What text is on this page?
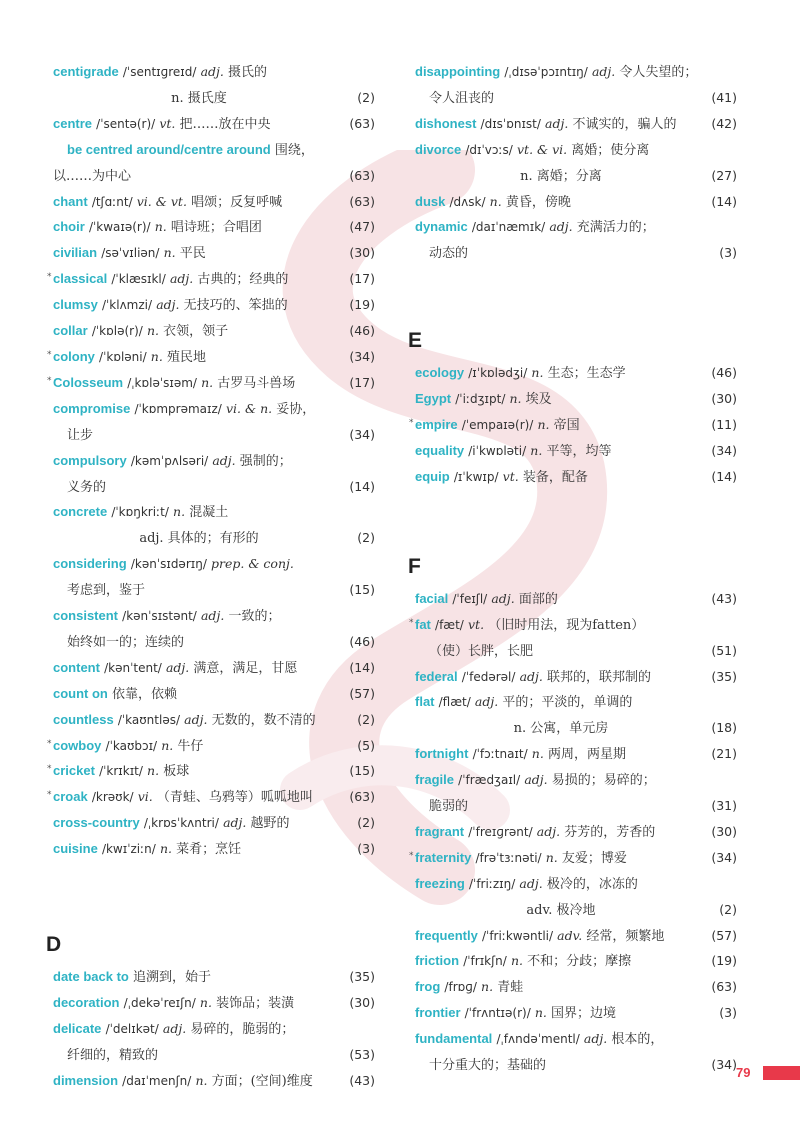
centigrade /ˈsentɪɡreɪd/ adj. 摄氏的
n. 摄氏度	(2)
centre /ˈsentə(r)/ vt. 把……放在中央	(63)
be centred around/centre around 围绕，
以……为中心	(63)
chant /tʃɑːnt/ vi. & vt. 唱颂；反复呼喊	(63)
choir /ˈkwaɪə(r)/ n. 唱诗班；合唱团	(47)
civilian /səˈvɪliən/ n. 平民	(30)
* classical /ˈklæsɪkl/ adj. 古典的；经典的	(17)
clumsy /ˈklʌmzi/ adj. 无技巧的、笨拙的	(19)
collar /ˈkɒlə(r)/ n. 衣领，领子	(46)
* colony /ˈkɒləni/ n. 殖民地	(34)
* Colosseum /ˌkɒləˈsɪəm/ n. 古罗马斗兽场	(17)
compromise /ˈkɒmprəmaɪz/ vi. & n. 妥协，
让步	(34)
compulsory /kəmˈpʌlsəri/ adj. 强制的；
义务的	(14)
concrete /ˈkɒŋkriːt/ n. 混凝土
adj. 具体的；有形的	(2)
considering /kənˈsɪdərɪŋ/ prep. & conj.
考虑到，鉴于	(15)
consistent /kənˈsɪstənt/ adj. 一致的；
始终如一的；连续的	(46)
content /kənˈtent/ adj. 满意，满足，甘愿	(14)
count on 依靠，依赖	(57)
countless /ˈkaʊntləs/ adj. 无数的，数不清的	(2)
* cowboy /ˈkaʊbɔɪ/ n. 牛仔	(5)
* cricket /ˈkrɪkɪt/ n. 板球	(15)
* croak /krəʊk/ vi. （青蛙、乌鸦等）呱呱地叫	(63)
cross-country /ˌkrɒsˈkʌntri/ adj. 越野的	(2)
cuisine /kwɪˈziːn/ n. 菜肴；烹饪	(3)
D
date back to 追溯到，始于	(35)
decoration /ˌdekəˈreɪʃn/ n. 装饰品；装潢	(30)
delicate /ˈdelɪkət/ adj. 易碎的，脆弱的；
纤细的，精致的	(53)
dimension /daɪˈmenʃn/ n. 方面；(空间)维度	(43)
disappointing /ˌdɪsəˈpɔɪntɪŋ/ adj. 令人失望的；
令人沮丧的	(41)
dishonest /dɪsˈɒnɪst/ adj. 不诚实的，骗人的	(42)
divorce /dɪˈvɔːs/ vt. & vi. 离婚；使分离
n. 离婚；分离	(27)
dusk /dʌsk/ n. 黄昏，傍晚	(14)
dynamic /daɪˈnæmɪk/ adj. 充满活力的；
动态的	(3)
E
ecology /ɪˈkɒlədʒi/ n. 生态；生态学	(46)
Egypt /ˈiːdʒɪpt/ n. 埃及	(30)
* empire /ˈempaɪə(r)/ n. 帝国	(11)
equality /iˈkwɒləti/ n. 平等，均等	(34)
equip /ɪˈkwɪp/ vt. 装备，配备	(14)
F
facial /ˈfeɪʃl/ adj. 面部的	(43)
* fat /fæt/ vt. （旧时用法，现为fatten）
（使）长胖，长肥	(51)
federal /ˈfedərəl/ adj. 联邦的，联邦制的	(35)
flat /flæt/ adj. 平的；平淡的，单调的
n. 公寓，单元房	(18)
fortnight /ˈfɔːtnaɪt/ n. 两周，两星期	(21)
fragile /ˈfrædʒaɪl/ adj. 易损的；易碎的；
脆弱的	(31)
fragrant /ˈfreɪɡrənt/ adj. 芬芳的，芳香的	(30)
* fraternity /frəˈtɜːnəti/ n. 友爱；博爱	(34)
freezing /ˈfriːzɪŋ/ adj. 极冷的，冰冻的
adv. 极冷地	(2)
frequently /ˈfriːkwəntli/ adv. 经常，频繁地	(57)
friction /ˈfrɪkʃn/ n. 不和；分歧；摩擦	(19)
frog /frɒɡ/ n. 青蛙	(63)
frontier /ˈfrʌntɪə(r)/ n. 国界；边境	(3)
fundamental /ˌfʌndəˈmentl/ adj. 根本的，
十分重大的；基础的	(34)
79
